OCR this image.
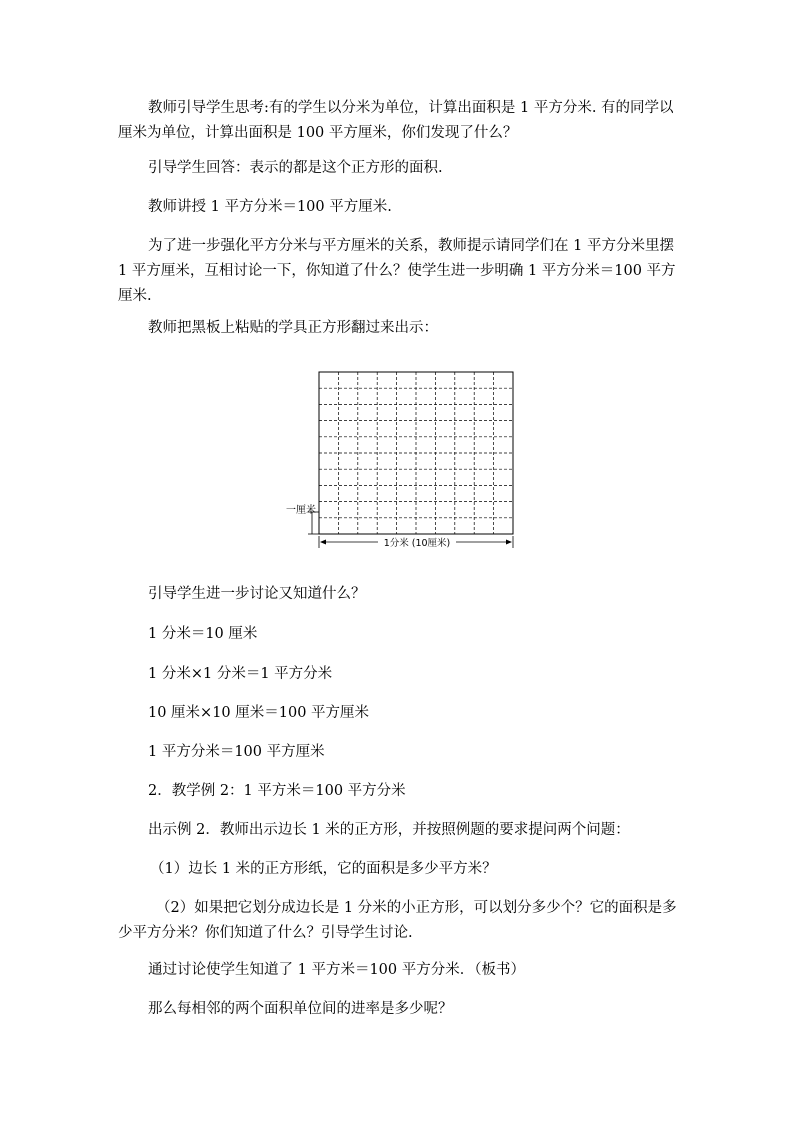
教师引导学生思考:有的学生以分米为单位，计算出面积是 1 平方分米. 有的同学以厘米为单位，计算出面积是 100 平方厘米，你们发现了什么？

引导学生回答：表示的都是这个正方形的面积.

教师讲授 1 平方分米＝100 平方厘米.

为了进一步强化平方分米与平方厘米的关系，教师提示请同学们在 1 平方分米里摆 1 平方厘米，互相讨论一下，你知道了什么？使学生进一步明确 1 平方分米＝100 平方厘米.

教师把黑板上粘贴的学具正方形翻过来出示：

一厘米
1分米 (10厘米)

引导学生进一步讨论又知道什么？

1 分米＝10 厘米

1 分米×1 分米＝1 平方分米

10 厘米×10 厘米＝100 平方厘米

1 平方分米＝100 平方厘米

2．教学例 2：1 平方米＝100 平方分米

出示例 2．教师出示边长 1 米的正方形，并按照例题的要求提问两个问题：

（1）边长 1 米的正方形纸，它的面积是多少平方米？

（2）如果把它划分成边长是 1 分米的小正方形，可以划分多少个？它的面积是多少平方分米？你们知道了什么？引导学生讨论.

通过讨论使学生知道了 1 平方米＝100 平方分米．（板书）

那么每相邻的两个面积单位间的进率是多少呢？
